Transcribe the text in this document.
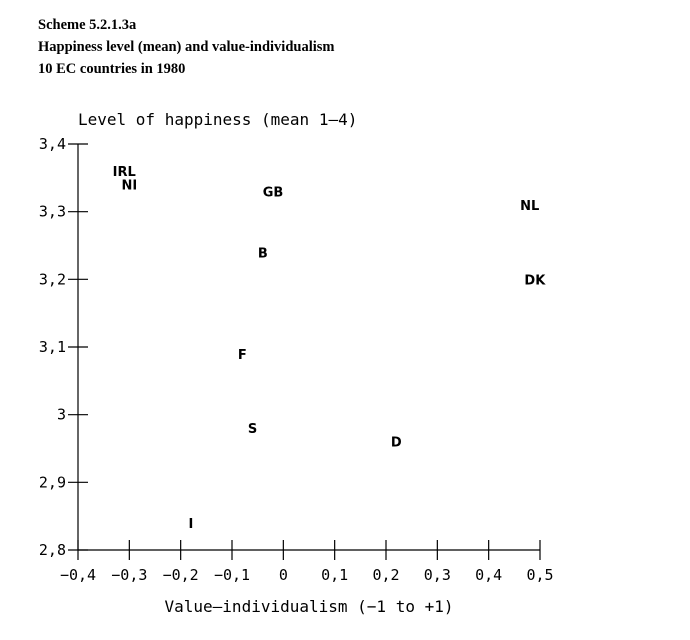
Scheme 5.2.1.3a
Happiness level (mean) and value-individualism
10 EC countries in 1980
Level of happiness (mean 1–4)
Value–individualism (−1 to +1)
2,8
2,9
3
3,1
3,2
3,3
3,4
−0,4 −0,3 −0,2 −0,1 0 0,1 0,2 0,3 0,4 0,5
IRL
NI	GB
NL
B
DK
F
S
D
I
